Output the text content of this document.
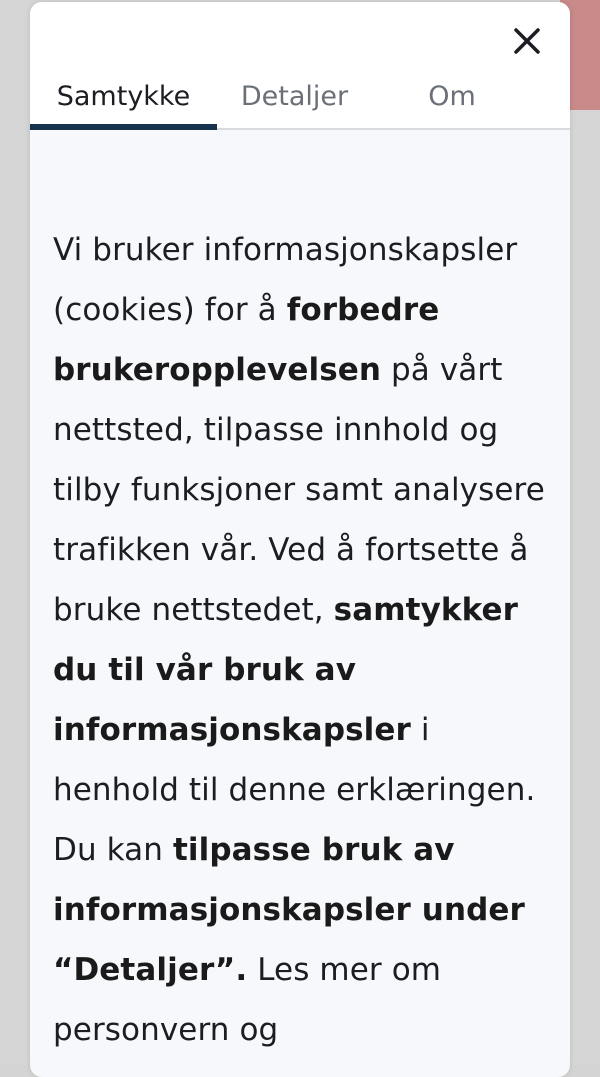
Samtykke	Detaljer	Om
Vi bruker informasjonskapsler (cookies) for å forbedre brukeropplevelsen på vårt nettsted, tilpasse innhold og tilby funksjoner samt analysere trafikken vår. Ved å fortsette å bruke nettstedet, samtykker du til vår bruk av informasjonskapsler i henhold til denne erklæringen. Du kan tilpasse bruk av informasjonskapsler under “Detaljer”. Les mer om personvern og
